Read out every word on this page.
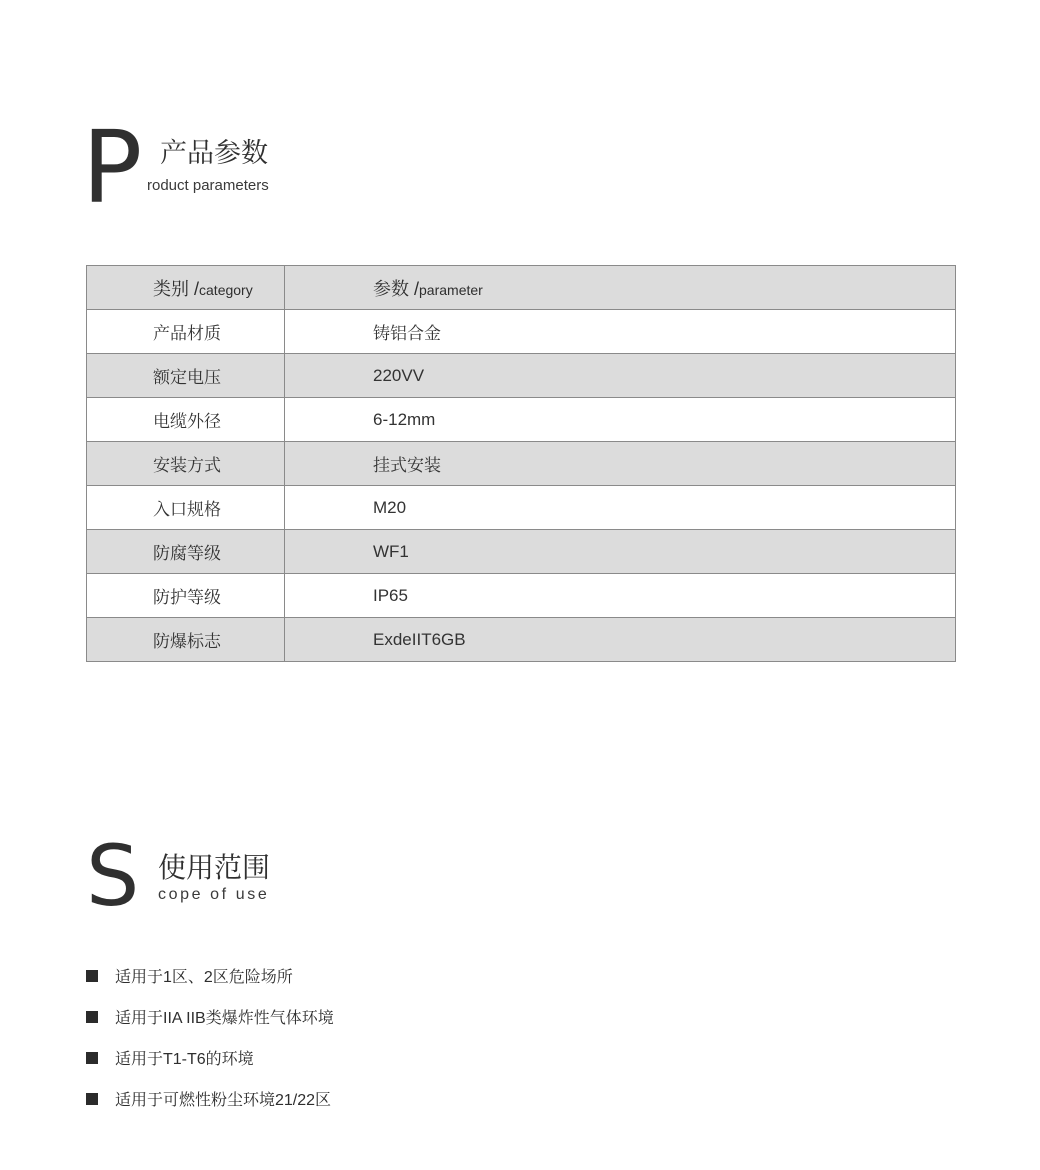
P 产品参数
roduct parameters
类别 /category	参数 /parameter
产品材质	铸铝合金
额定电压	220VV
电缆外径	6-12mm
安装方式	挂式安装
入口规格	M20
防腐等级	WF1
防护等级	IP65
防爆标志	ExdeIIT6GB
S 使用范围
cope of use
适用于1区、2区危险场所
适用于IIA IIB类爆炸性气体环境
适用于T1-T6的环境
适用于可燃性粉尘环境21/22区
